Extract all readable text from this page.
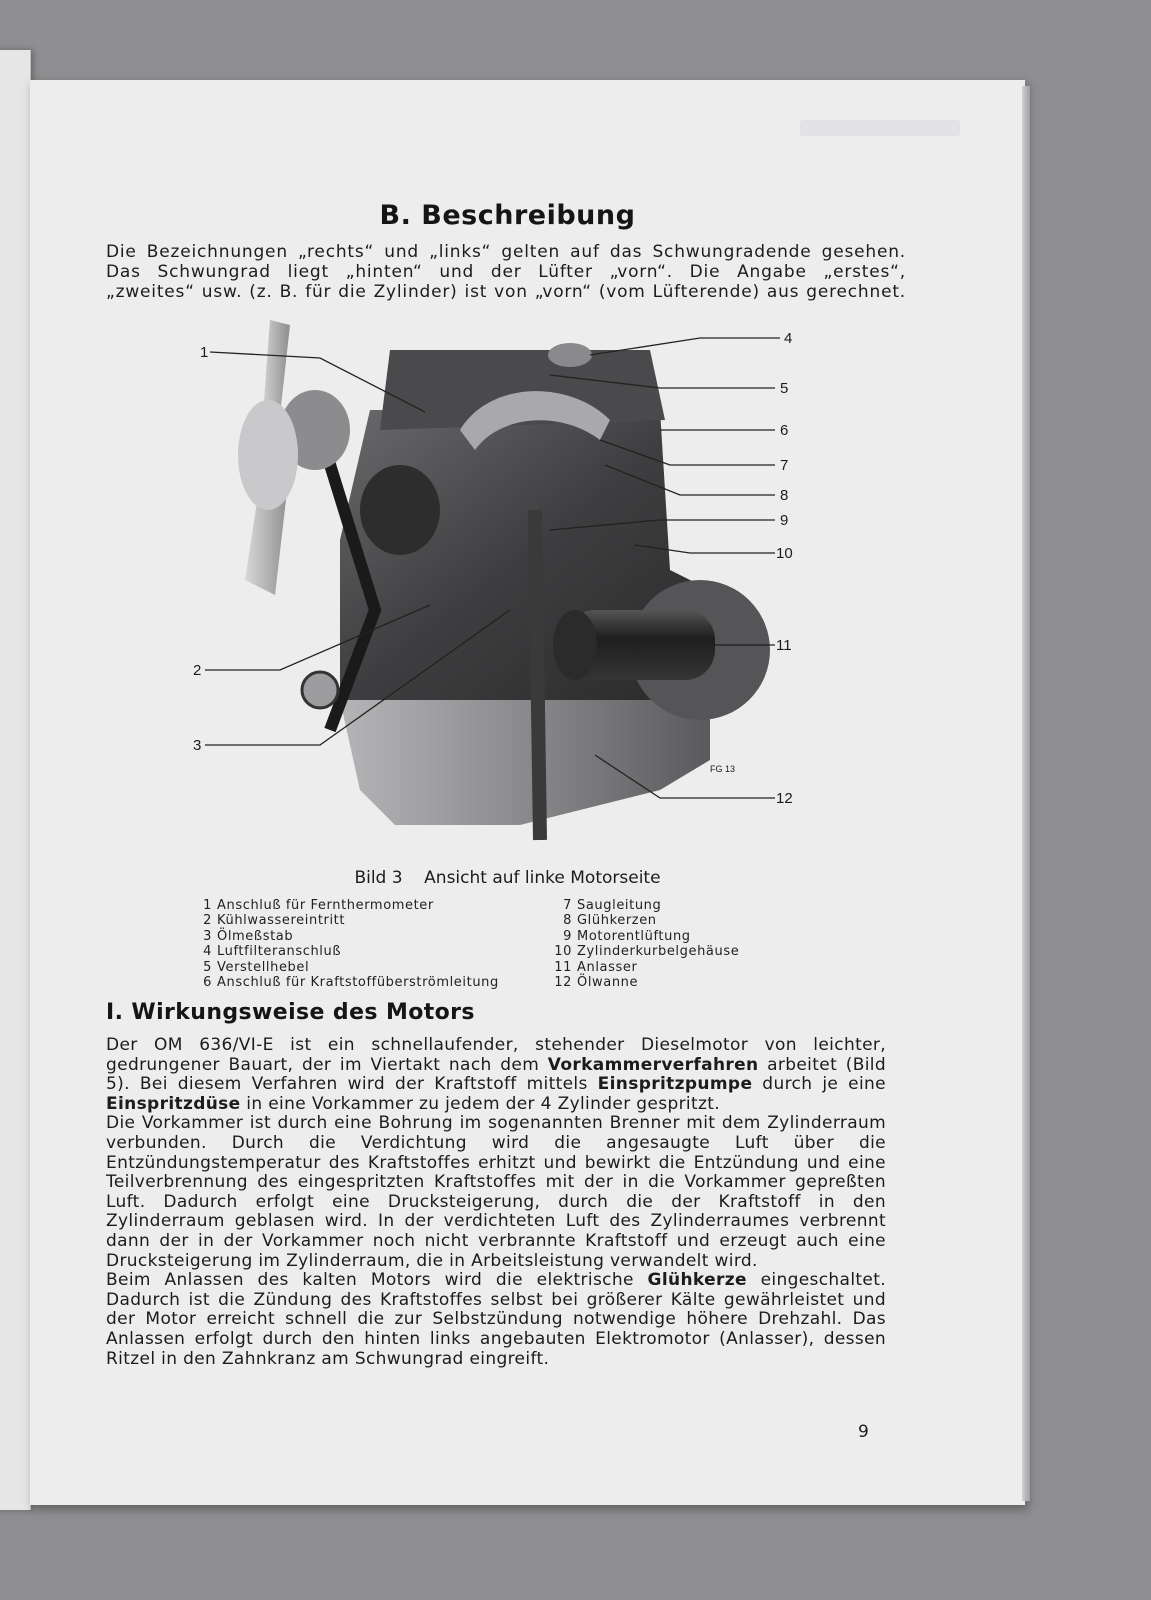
B. Beschreibung

Die Bezeichnungen „rechts“ und „links“ gelten auf das Schwungradende gesehen.
Das Schwungrad liegt „hinten“ und der Lüfter „vorn“. Die Angabe „erstes“,
„zweites“ usw. (z. B. für die Zylinder) ist von „vorn“ (vom Lüfterende) aus gerechnet.

1
2
3
4
5
6
7
8
9
10
11
12
FG 13

Bild 3    Ansicht auf linke Motorseite

1 Anschluß für Fernthermometer
2 Kühlwassereintritt
3 Ölmeßstab
4 Luftfilteranschluß
5 Verstellhebel
6 Anschluß für Kraftstoffüberströmleitung
7 Saugleitung
8 Glühkerzen
9 Motorentlüftung
10 Zylinderkurbelgehäuse
11 Anlasser
12 Ölwanne
I. Wirkungsweise des Motors

Der OM 636/VI-E ist ein schnellaufender, stehender Dieselmotor von leichter, gedrungener Bauart, der im Viertakt nach dem Vorkammerverfahren arbeitet (Bild 5). Bei diesem Verfahren wird der Kraftstoff mittels Einspritzpumpe durch je eine Einspritzdüse in eine Vorkammer zu jedem der 4 Zylinder gespritzt.

Die Vorkammer ist durch eine Bohrung im sogenannten Brenner mit dem Zylinderraum verbunden. Durch die Verdichtung wird die angesaugte Luft über die Entzündungstemperatur des Kraftstoffes erhitzt und bewirkt die Entzündung und eine Teilverbrennung des eingespritzten Kraftstoffes mit der in die Vorkammer gepreßten Luft. Dadurch erfolgt eine Drucksteigerung, durch die der Kraftstoff in den Zylinderraum geblasen wird. In der verdichteten Luft des Zylinderraumes verbrennt dann der in der Vorkammer noch nicht verbrannte Kraftstoff und erzeugt auch eine Drucksteigerung im Zylinderraum, die in Arbeitsleistung verwandelt wird.

Beim Anlassen des kalten Motors wird die elektrische Glühkerze eingeschaltet. Dadurch ist die Zündung des Kraftstoffes selbst bei größerer Kälte gewährleistet und der Motor erreicht schnell die zur Selbstzündung notwendige höhere Drehzahl. Das Anlassen erfolgt durch den hinten links angebauten Elektromotor (Anlasser), dessen Ritzel in den Zahnkranz am Schwungrad eingreift.

9
